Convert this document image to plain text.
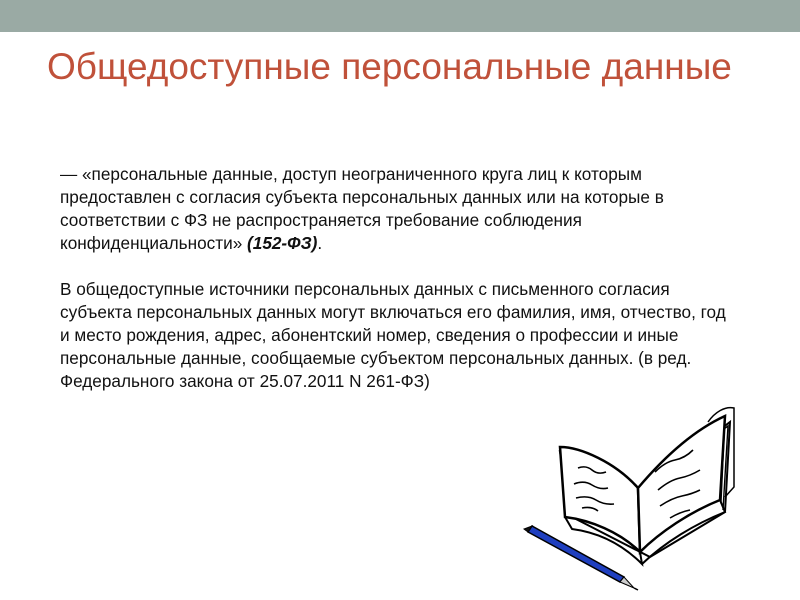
Общедоступные персональные данные

— «персональные данные, доступ неограниченного круга лиц к которым предоставлен с согласия субъекта персональных данных или на которые в соответствии с ФЗ не распространяется требование соблюдения конфиденциальности» (152-ФЗ).

В общедоступные источники персональных данных с письменного согласия субъекта персональных данных могут включаться его фамилия, имя, отчество, год и место рождения, адрес, абонентский номер, сведения о профессии и иные персональные данные, сообщаемые субъектом персональных данных. (в ред. Федерального закона от 25.07.2011 N 261-ФЗ)
